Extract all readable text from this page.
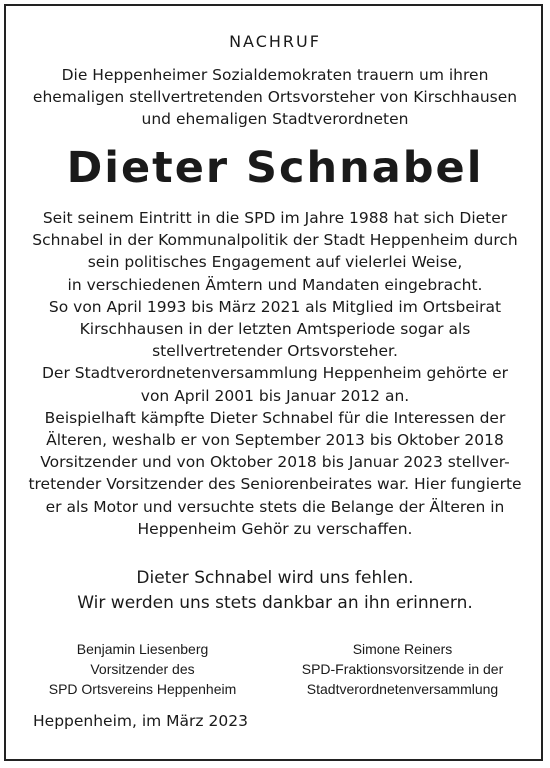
NACHRUF
Die Heppenheimer Sozialdemokraten trauern um ihren
ehemaligen stellvertretenden Ortsvorsteher von Kirschhausen
und ehemaligen Stadtverordneten
Dieter Schnabel
Seit seinem Eintritt in die SPD im Jahre 1988 hat sich Dieter
Schnabel in der Kommunalpolitik der Stadt Heppenheim durch
sein politisches Engagement auf vielerlei Weise,
in verschiedenen Ämtern und Mandaten eingebracht.
So von April 1993 bis März 2021 als Mitglied im Ortsbeirat
Kirschhausen in der letzten Amtsperiode sogar als
stellvertretender Ortsvorsteher.
Der Stadtverordnetenversammlung Heppenheim gehörte er
von April 2001 bis Januar 2012 an.
Beispielhaft kämpfte Dieter Schnabel für die Interessen der
Älteren, weshalb er von September 2013 bis Oktober 2018
Vorsitzender und von Oktober 2018 bis Januar 2023 stellver-
tretender Vorsitzender des Seniorenbeirates war. Hier fungierte
er als Motor und versuchte stets die Belange der Älteren in
Heppenheim Gehör zu verschaffen.
Dieter Schnabel wird uns fehlen.
Wir werden uns stets dankbar an ihn erinnern.
Benjamin Liesenberg
Vorsitzender des
SPD Ortsvereins Heppenheim
Simone Reiners
SPD-Fraktionsvorsitzende in der
Stadtverordnetenversammlung
Heppenheim, im März 2023
